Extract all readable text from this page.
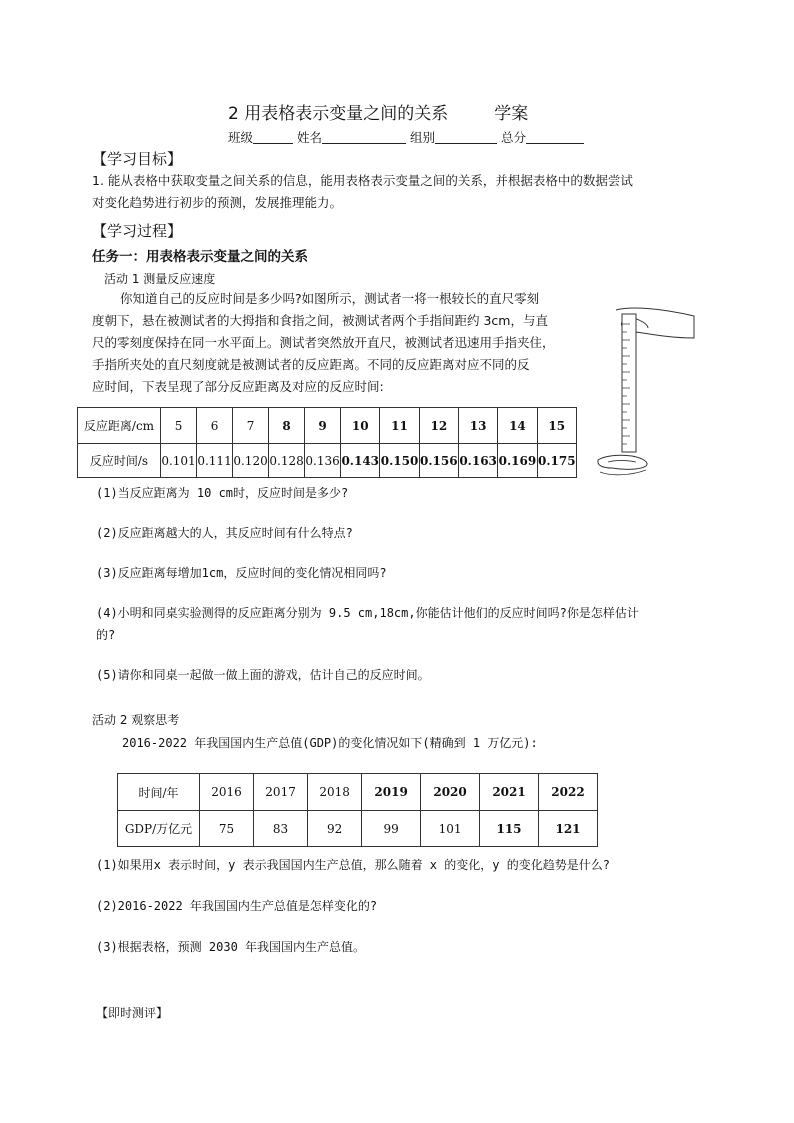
2 用表格表示变量之间的关系	学案
班级	姓名	组别	总分
【学习目标】
1. 能从表格中获取变量之间关系的信息，能用表格表示变量之间的关系，并根据表格中的数据尝试
对变化趋势进行初步的预测，发展推理能力。
【学习过程】
任务一：用表格表示变量之间的关系
活动 1 测量反应速度
你知道自己的反应时间是多少吗?如图所示，测试者一将一根较长的直尺零刻
度朝下，悬在被测试者的大拇指和食指之间，被测试者两个手指间距约 3cm，与直
尺的零刻度保持在同一水平面上。测试者突然放开直尺，被测试者迅速用手指夹住，
手指所夹处的直尺刻度就是被测试者的反应距离。不同的反应距离对应不同的反
应时间，下表呈现了部分反应距离及对应的反应时间:
反应距离/cm	5	6	7	8	9	10	11	12	13	14	15
反应时间/s	0.101	0.111	0.120	0.128	0.136	0.143	0.150	0.156	0.163	0.169	0.175
(1)当反应距离为 10 cm时，反应时间是多少?
(2)反应距离越大的人，其反应时间有什么特点?
(3)反应距离每增加1cm，反应时间的变化情况相同吗?
(4)小明和同桌实验测得的反应距离分别为 9.5 cm,18cm,你能估计他们的反应时间吗?你是怎样估计
的?
(5)请你和同桌一起做一做上面的游戏，估计自己的反应时间。
活动 2 观察思考
2016-2022 年我国国内生产总值(GDP)的变化情况如下(精确到 1 万亿元):
时间/年	2016	2017	2018	2019	2020	2021	2022
GDP/万亿元	75	83	92	99	101	115	121
(1)如果用x 表示时间，y 表示我国国内生产总值，那么随着 x 的变化，y 的变化趋势是什么?
(2)2016-2022 年我国国内生产总值是怎样变化的?
(3)根据表格，预测 2030 年我国国内生产总值。
【即时测评】
